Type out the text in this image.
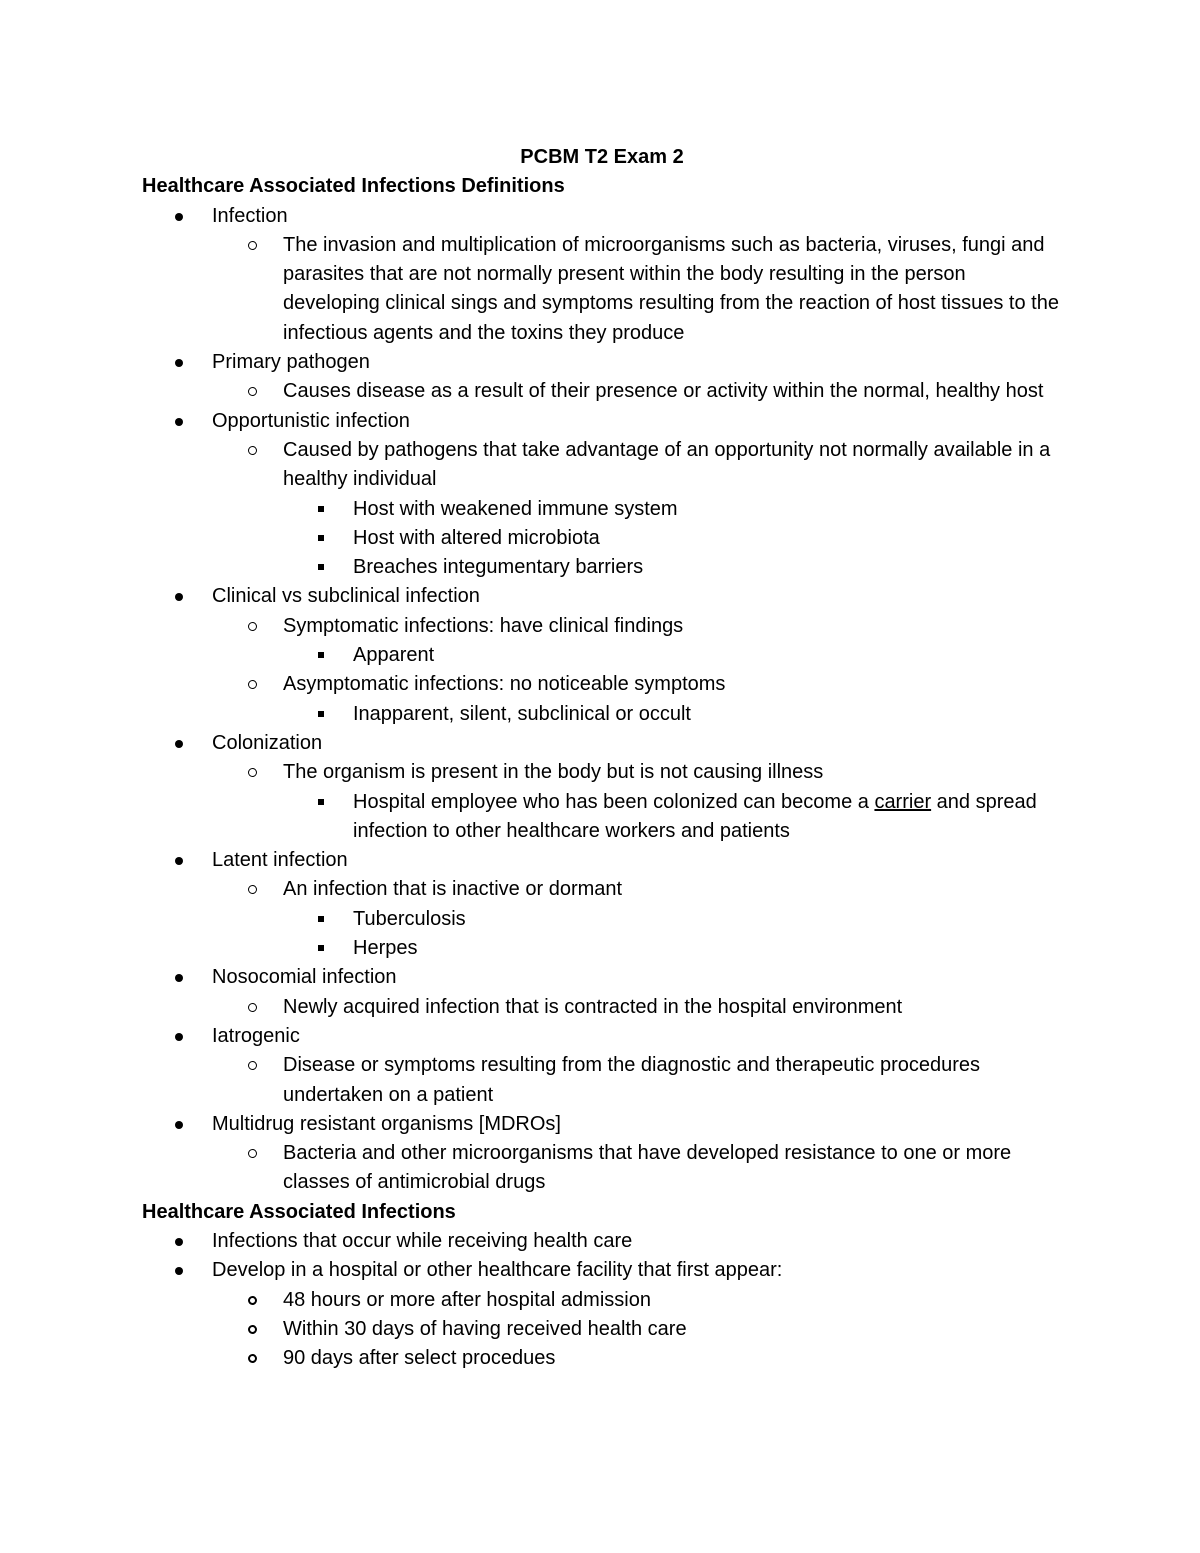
PCBM T2 Exam 2
Healthcare Associated Infections Definitions
Infection
The invasion and multiplication of microorganisms such as bacteria, viruses, fungi and parasites that are not normally present within the body resulting in the person developing clinical sings and symptoms resulting from the reaction of host tissues to the infectious agents and the toxins they produce
Primary pathogen
Causes disease as a result of their presence or activity within the normal, healthy host
Opportunistic infection
Caused by pathogens that take advantage of an opportunity not normally available in a healthy individual
Host with weakened immune system
Host with altered microbiota
Breaches integumentary barriers
Clinical vs subclinical infection
Symptomatic infections: have clinical findings
Apparent
Asymptomatic infections: no noticeable symptoms
Inapparent, silent, subclinical or occult
Colonization
The organism is present in the body but is not causing illness
Hospital employee who has been colonized can become a carrier and spread infection to other healthcare workers and patients
Latent infection
An infection that is inactive or dormant
Tuberculosis
Herpes
Nosocomial infection
Newly acquired infection that is contracted in the hospital environment
Iatrogenic
Disease or symptoms resulting from the diagnostic and therapeutic procedures undertaken on a patient
Multidrug resistant organisms [MDROs]
Bacteria and other microorganisms that have developed resistance to one or more classes of antimicrobial drugs
Healthcare Associated Infections
Infections that occur while receiving health care
Develop in a hospital or other healthcare facility that first appear:
48 hours or more after hospital admission
Within 30 days of having received health care
90 days after select procedues
